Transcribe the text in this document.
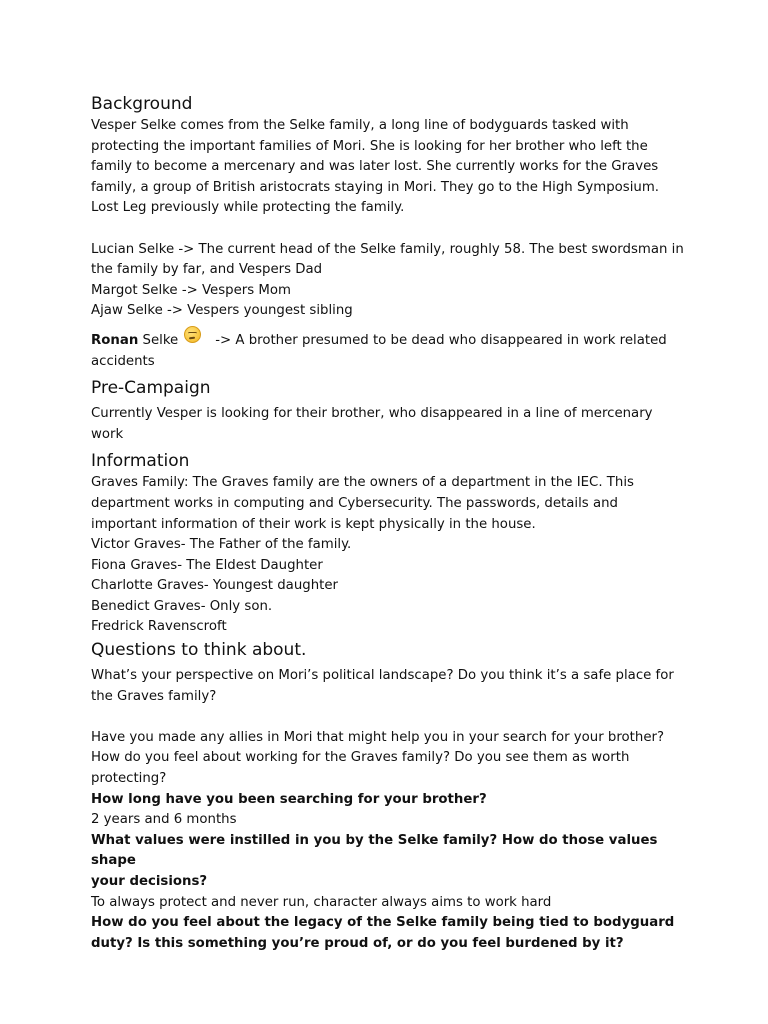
Background

Vesper Selke comes from the Selke family, a long line of bodyguards tasked with

protecting the important families of Mori. She is looking for her brother who left the

family to become a mercenary and was later lost. She currently works for the Graves

family, a group of British aristocrats staying in Mori. They go to the High Symposium.

Lost Leg previously while protecting the family.

Lucian Selke -> The current head of the Selke family, roughly 58. The best swordsman in

the family by far, and Vespers Dad

Margot Selke -> Vespers Mom

Ajaw Selke -> Vespers youngest sibling

Ronan Selke	-> A brother presumed to be dead who disappeared in work related

accidents

Pre-Campaign

Currently Vesper is looking for their brother, who disappeared in a line of mercenary

work

Information

Graves Family: The Graves family are the owners of a department in the IEC. This

department works in computing and Cybersecurity. The passwords, details and

important information of their work is kept physically in the house.

Victor Graves- The Father of the family.

Fiona Graves- The Eldest Daughter

Charlotte Graves- Youngest daughter

Benedict Graves- Only son.

Fredrick Ravenscroft

Questions to think about.

What’s your perspective on Mori’s political landscape? Do you think it’s a safe place for

the Graves family?

Have you made any allies in Mori that might help you in your search for your brother?

How do you feel about working for the Graves family? Do you see them as worth

protecting?

How long have you been searching for your brother?

2 years and 6 months

What values were instilled in you by the Selke family? How do those values shape

your decisions?

To always protect and never run, character always aims to work hard

How do you feel about the legacy of the Selke family being tied to bodyguard

duty? Is this something you’re proud of, or do you feel burdened by it?
